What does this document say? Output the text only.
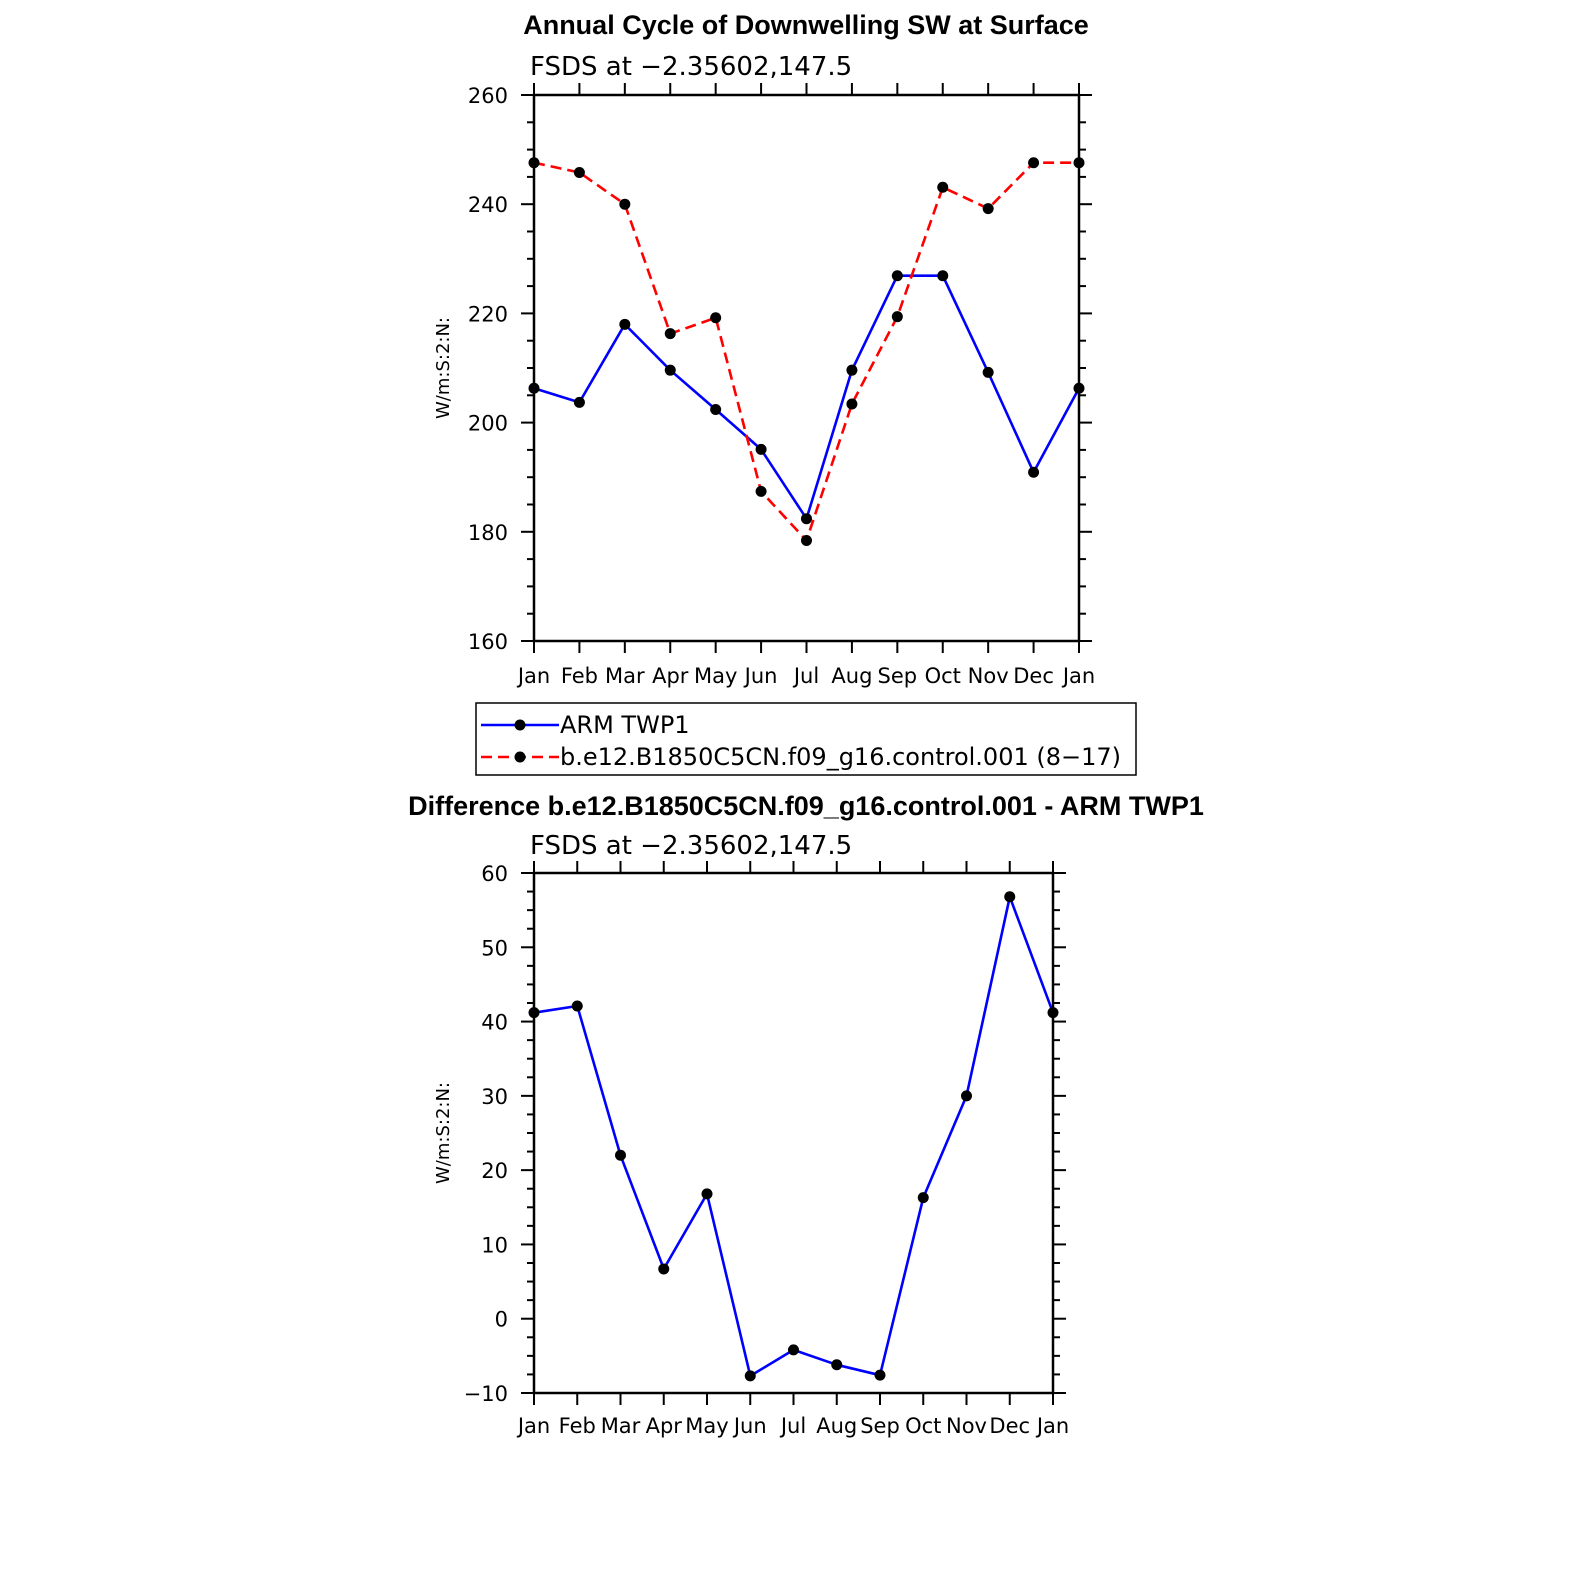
Annual Cycle of Downwelling SW at Surface
FSDS at −2.35602,147.5
W/m:S:2:N:
160
180
200
220
240
260
Jan Feb Mar Apr May Jun Jul Aug Sep Oct Nov Dec Jan
ARM TWP1
b.e12.B1850C5CN.f09_g16.control.001 (8−17)
Difference b.e12.B1850C5CN.f09_g16.control.001 - ARM TWP1
FSDS at −2.35602,147.5
W/m:S:2:N:
−10
0
10
20
30
40
50
60
Jan Feb Mar Apr May Jun Jul Aug Sep Oct Nov Dec Jan
